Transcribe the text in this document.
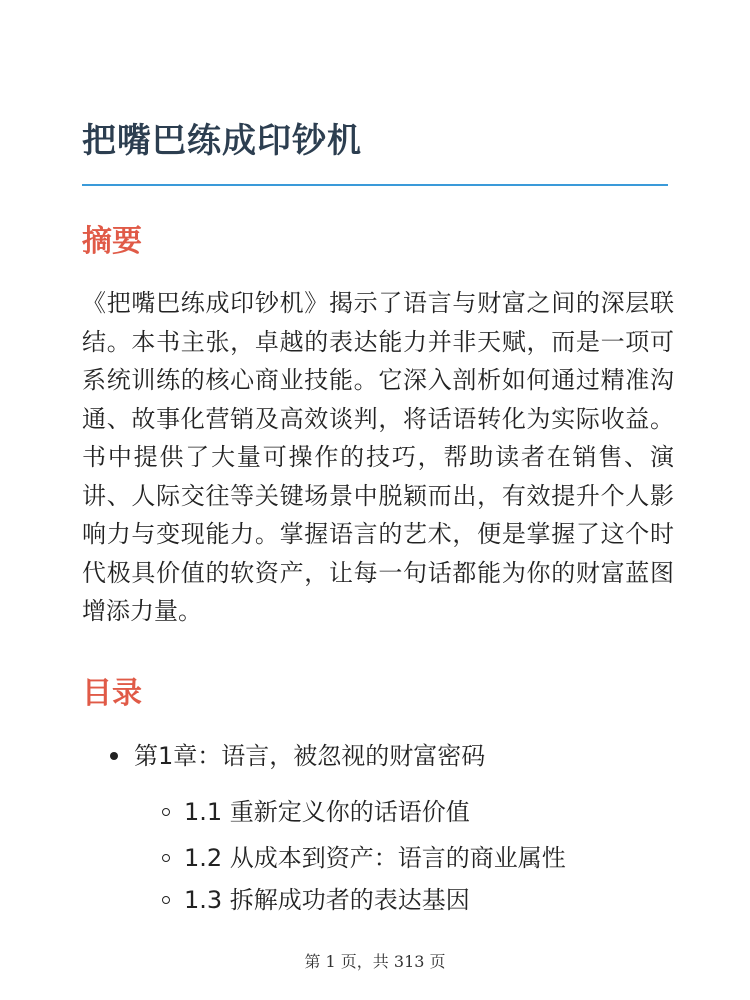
把嘴巴练成印钞机
摘要

《把嘴巴练成印钞机》揭示了语言与财富之间的深层联结。本书主张，卓越的表达能力并非天赋，而是一项可系统训练的核心商业技能。它深入剖析如何通过精准沟通、故事化营销及高效谈判，将话语转化为实际收益。书中提供了大量可操作的技巧，帮助读者在销售、演讲、人际交往等关键场景中脱颖而出，有效提升个人影响力与变现能力。掌握语言的艺术，便是掌握了这个时代极具价值的软资产，让每一句话都能为你的财富蓝图增添力量。

目录
第1章：语言，被忽视的财富密码
1.1 重新定义你的话语价值
1.2 从成本到资产：语言的商业属性
1.3 拆解成功者的表达基因
第 1 页，共 313 页
